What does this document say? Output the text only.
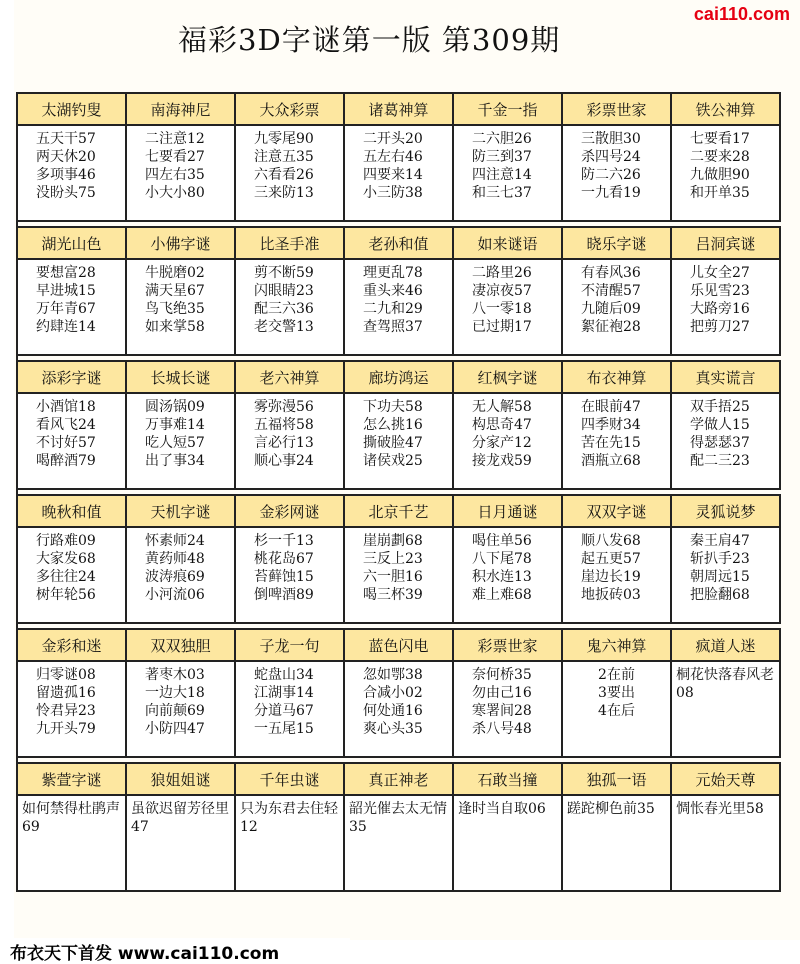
福彩3D字谜第一版 第309期
cai110.com
太湖钓叟
五天干57
两天休20
多项事46
没盼头75
南海神尼
二注意12
七要看27
四左右35
小大小80
大众彩票
九零尾90
注意五35
六看看26
三来防13
诸葛神算
二开头20
五左右46
四要来14
小三防38
千金一指
二六胆26
防三到37
四注意14
和三七37
彩票世家
三散胆30
杀四号24
防二六26
一九看19
铁公神算
七要看17
二要来28
九做胆90
和开单35
湖光山色
要想富28
早进城15
万年青67
约肆连14
小佛字谜
牛脱磨02
满天星67
鸟飞绝35
如来掌58
比圣手准
剪不断59
闪眼睛23
配三六36
老交警13
老孙和值
理更乱78
重头来46
二九和29
查驾照37
如来谜语
二路里26
凄凉夜57
八一零18
已过期17
晓乐字谜
有春风36
不清醒57
九随后09
絮征袍28
吕洞宾谜
儿女全27
乐见雪23
大路旁16
把剪刀27
添彩字谜
小酒馆18
看风飞24
不讨好57
喝醉酒79
长城长谜
圆汤锅09
万事难14
吃人短57
出了事34
老六神算
雾弥漫56
五福将58
言必行13
顺心事24
廊坊鸿运
下功夫58
怎么挑16
撕破脸47
诸侯戏25
红枫字谜
无人解58
构思奇47
分家产12
接龙戏59
布衣神算
在眼前47
四季财34
苦在先15
酒瓶立68
真实谎言
双手捂25
学做人15
得瑟瑟37
配二三23
晚秋和值
行路难09
大家发68
多往往24
树年轮56
天机字谜
怀素师24
黄药师48
波涛痕69
小河流06
金彩网谜
杉一千13
桃花岛67
苔藓蚀15
倒啤酒89
北京千艺
崖崩劃68
三反上23
六一胆16
喝三杯39
日月通谜
喝住单56
八下尾78
积水连13
难上难68
双双字谜
顺八发68
起五更57
崖边长19
地扳砖03
灵狐说梦
秦王肩47
斩扒手23
朝周远15
把脸翻68
金彩和迷
归零谜08
留遗孤16
怜君异23
九开头79
双双独胆
著枣木03
一边大18
向前颠69
小防四47
子龙一句
蛇盘山34
江湖事14
分道马67
一五尾15
蓝色闪电
忽如鄂38
合减小02
何处通16
爽心头35
彩票世家
奈何桥35
勿由己16
寒署间28
杀八号48
鬼六神算
2在前
3要出
4在后
疯道人迷
桐花快落春风老08
紫萱字谜
如何禁得杜鹃声69
狼姐姐谜
虽欲迟留芳径里47
千年虫谜
只为东君去住轻12
真正神老
韶光催去太无情35
石敢当撞
逢时当自取06
独孤一语
蹉跎柳色前35
元始天尊
惆怅春光里58
布衣天下首发 www.cai110.com
